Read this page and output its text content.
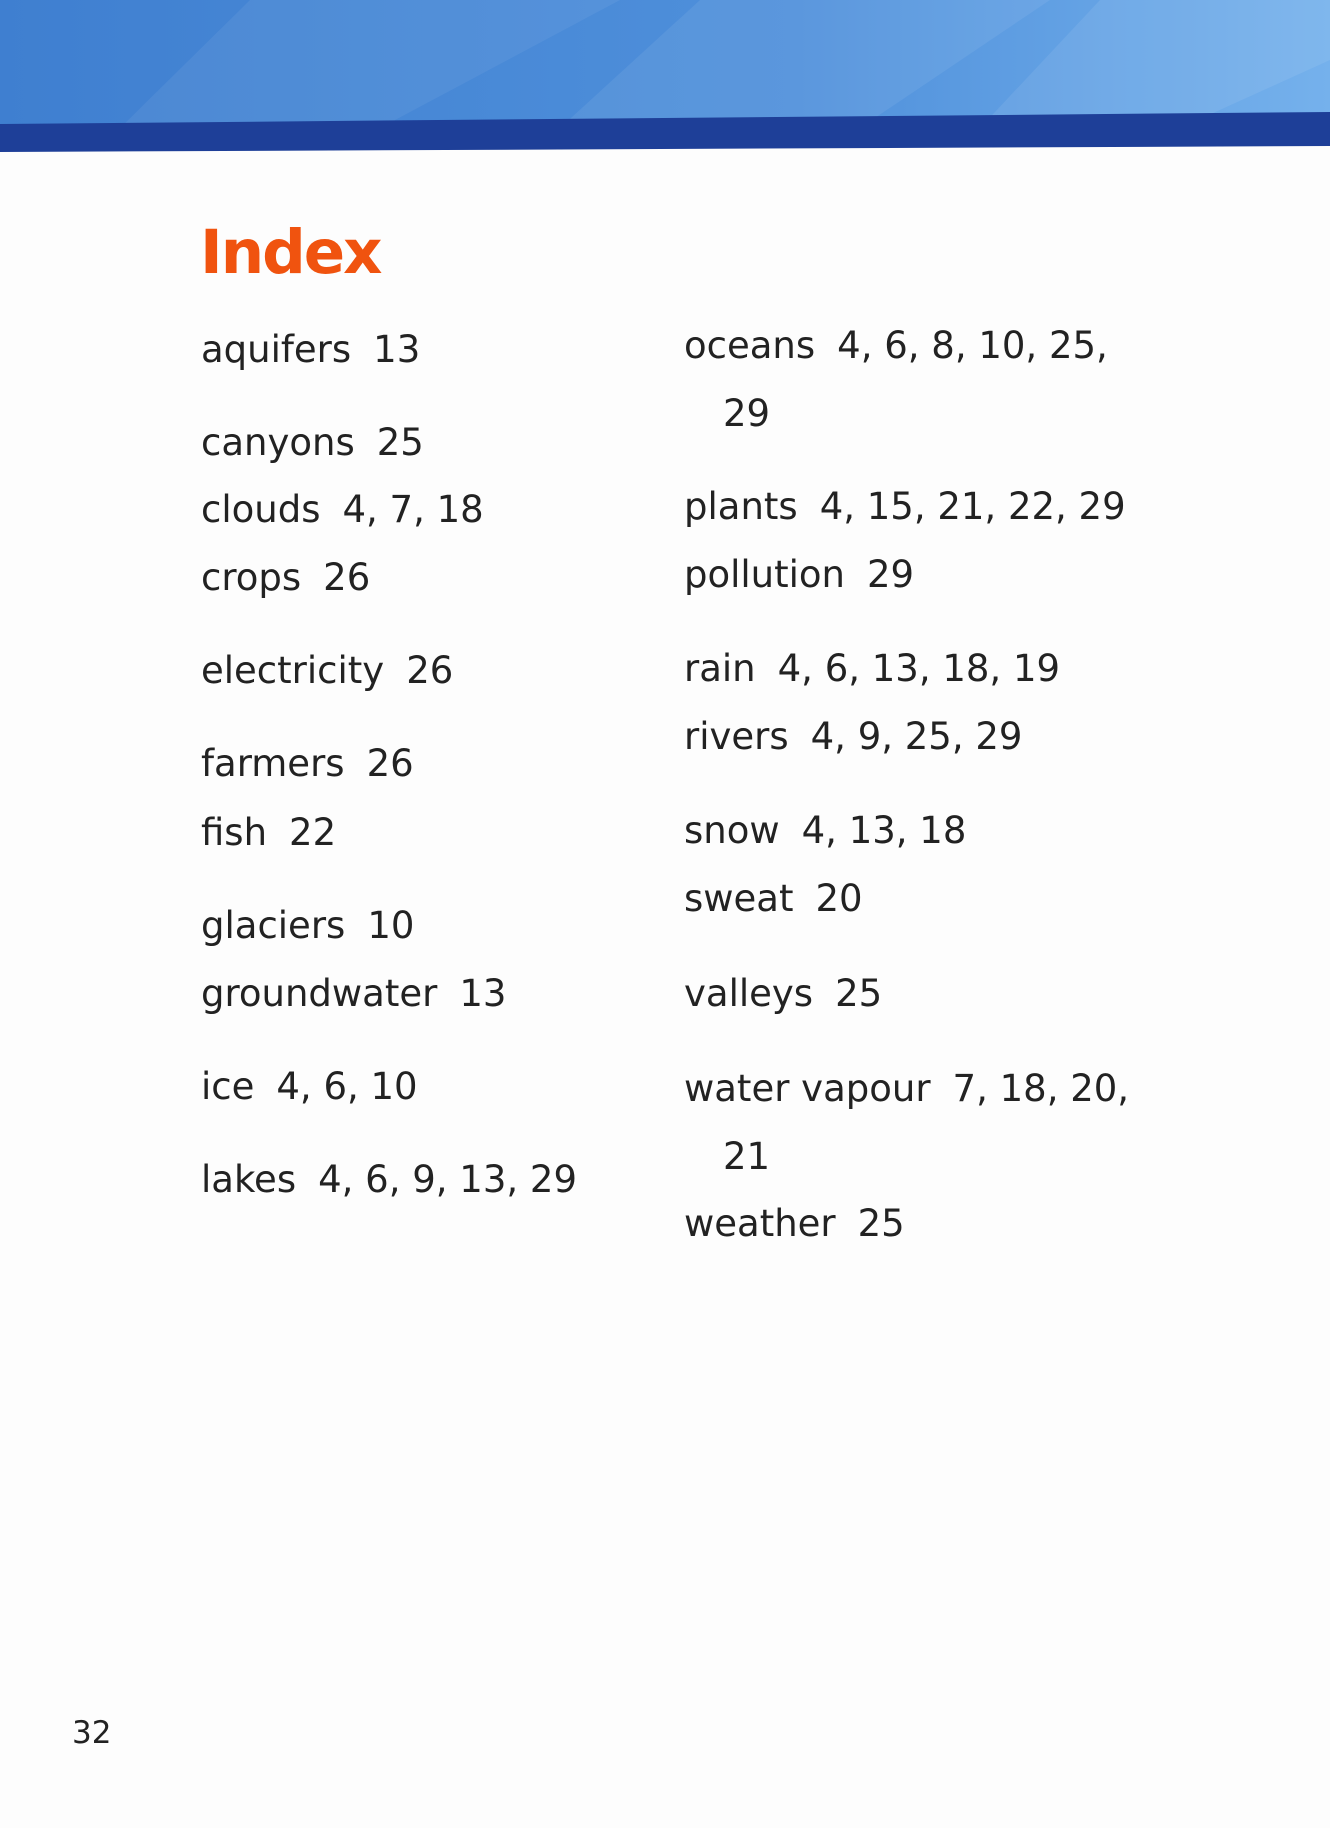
Index
aquifers 13
canyons 25
clouds 4, 7, 18
crops 26
electricity 26
farmers 26
fish 22
glaciers 10
groundwater 13
ice 4, 6, 10
lakes 4, 6, 9, 13, 29
oceans 4, 6, 8, 10, 25,
29
plants 4, 15, 21, 22, 29
pollution 29
rain 4, 6, 13, 18, 19
rivers 4, 9, 25, 29
snow 4, 13, 18
sweat 20
valleys 25
water vapour 7, 18, 20,
21
weather 25
32
